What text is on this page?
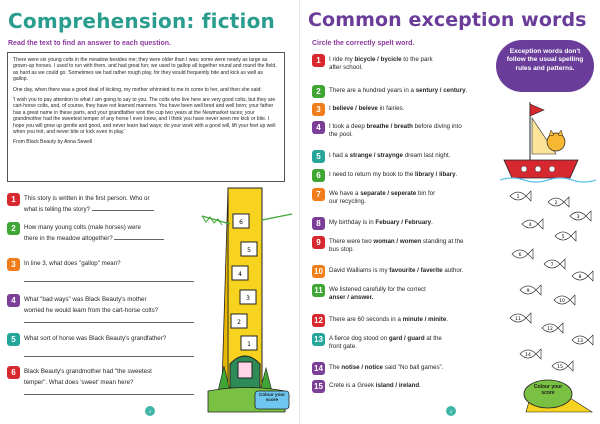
Comprehension: fiction
Read the text to find an answer to each question.

There were six young colts in the meadow besides me; they were older than I was; some were nearly as large as grown-up horses. I used to run with them, and had great fun; we used to gallop all together round and round the field, as hard as we could go. Sometimes we had rather rough play, for they would frequently bite and kick as well as gallop.

One day, when there was a good deal of kicking, my mother whinnied to me to come to her, and then she said:

'I wish you to pay attention to what I am going to say to you. The colts who live here are very good colts, but they are cart-horse colts, and, of course, they have not learned manners. You have been well bred and well born; your father has a great name in these parts, and your grandfather won the cup two years at the Newmarket races; your grandmother had the sweetest temper of any horse I ever knew, and I think you have never seen me kick or bite. I hope you will grow up gentle and good, and never learn bad ways; do your work with a good will, lift your feet up well when you trot, and never bite or kick even in play.'

From Black Beauty by Anna Sewell

1	This story is written in the first person. Who or
what is telling the story?
2	How many young colts (male horses) were
there in the meadow altogether?
3	In line 3, what does "gallop" mean?
4	What "bad ways" was Black Beauty's mother
worried he would learn from the cart-horse colts?
5	What sort of horse was Black Beauty's grandfather?
6	Black Beauty's grandmother had "the sweetest
temper". What does 'sweet' mean here?
6
5
4
3
2
1
Colour your score
2
Common exception words
Circle the correctly spelt word.
Exception words don't follow the usual spelling rules and patterns.
1	I ride my bicycle / bycicle to the park
after school.
2	There are a hundred years in a sentury / century.
3	I believe / beleve in fairies.
4	I took a deep breathe / breath before diving into
the pool.
5	I had a strange / straynge dream last night.
6	I need to return my book to the library / libary.
7	We have a separate / seperate bin for
our recycling.
8	My birthday is in Febuary / February.
9	There were two woman / women standing at the
bus stop.
10 David Walliams is my favourite / faverite author.
11	We listened carefully for the correct
anser / answer.
12 There are 60 seconds in a minute / minite.
13 A fierce dog stood on gard / guard at the
front gate.
14 The notise / notice said "No ball games".
15 Crete is a Greek island / ireland.
1
2
3
4
5
6
7
8
9
10
11
12
13
14
15
Colour your score
3
